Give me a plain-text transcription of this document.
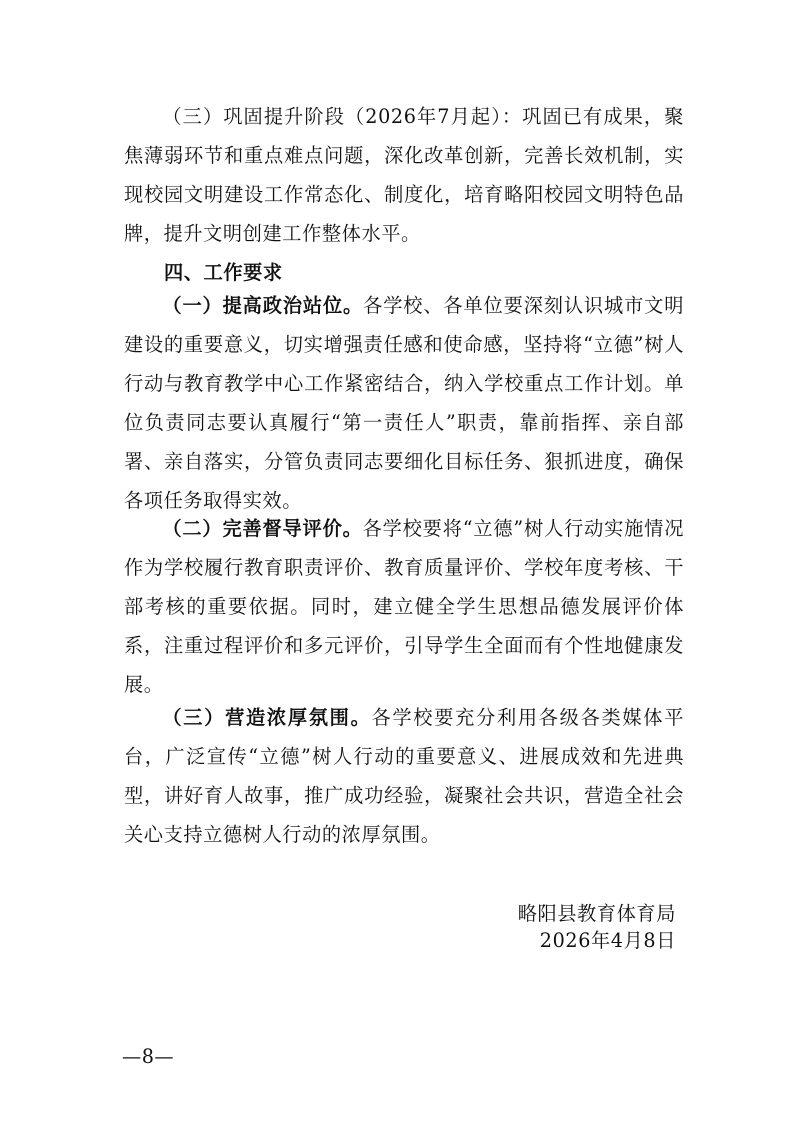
（三）巩固提升阶段（2026年7月起）：巩固已有成果，聚焦薄弱环节和重点难点问题，深化改革创新，完善长效机制，实现校园文明建设工作常态化、制度化，培育略阳校园文明特色品牌，提升文明创建工作整体水平。

四、工作要求

（一）提高政治站位。各学校、各单位要深刻认识城市文明建设的重要意义，切实增强责任感和使命感，坚持将“立德”树人行动与教育教学中心工作紧密结合，纳入学校重点工作计划。单位负责同志要认真履行“第一责任人”职责，靠前指挥、亲自部署、亲自落实，分管负责同志要细化目标任务、狠抓进度，确保各项任务取得实效。

（二）完善督导评价。各学校要将“立德”树人行动实施情况作为学校履行教育职责评价、教育质量评价、学校年度考核、干部考核的重要依据。同时，建立健全学生思想品德发展评价体系，注重过程评价和多元评价，引导学生全面而有个性地健康发展。

（三）营造浓厚氛围。各学校要充分利用各级各类媒体平台，广泛宣传“立德”树人行动的重要意义、进展成效和先进典型，讲好育人故事，推广成功经验，凝聚社会共识，营造全社会关心支持立德树人行动的浓厚氛围。

略阳县教育体育局
2026年4月8日
—8—
